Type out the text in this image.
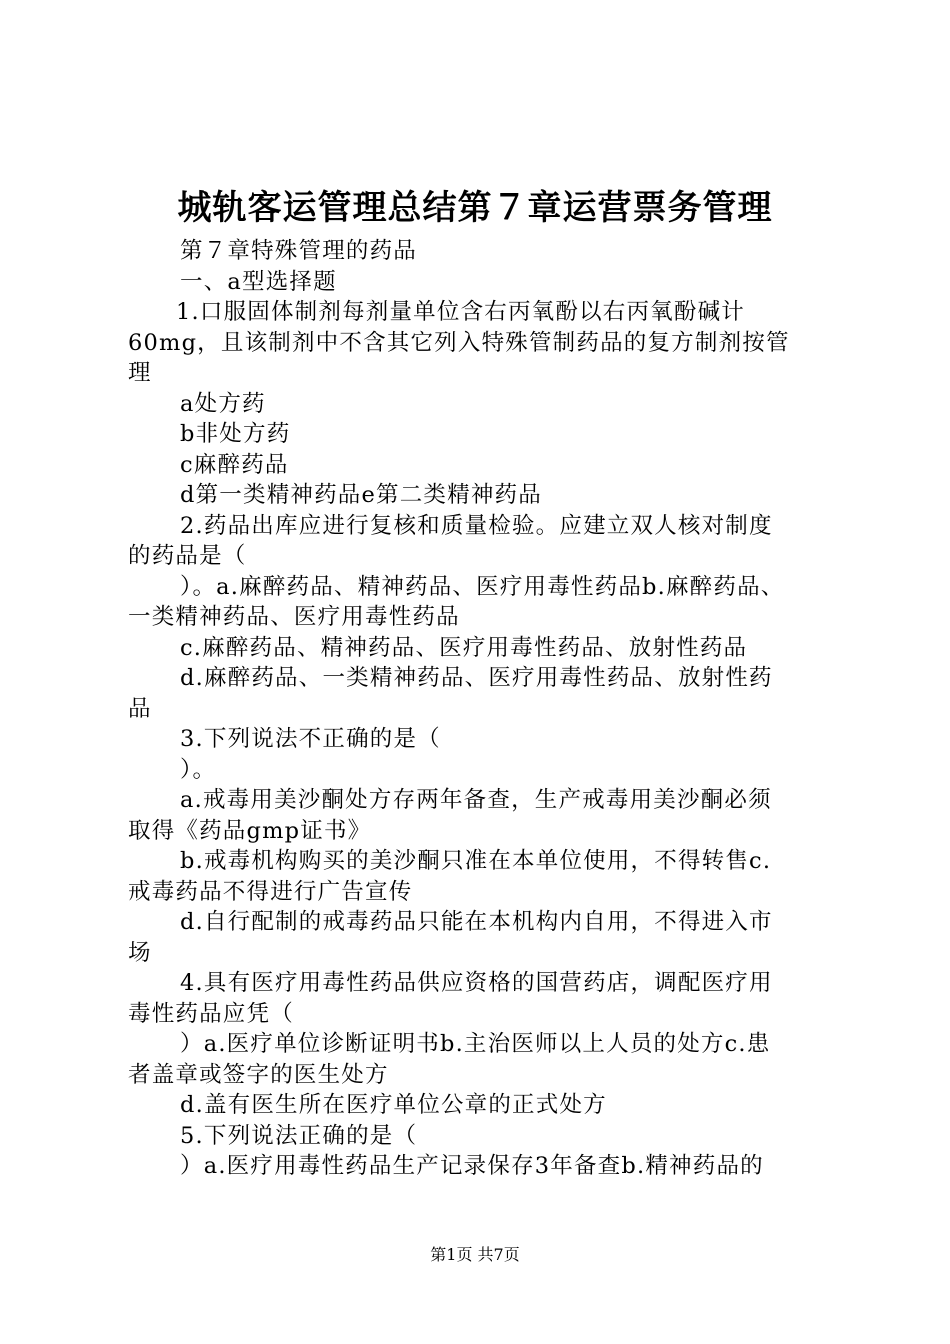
城轨客运管理总结第７章运营票务管理
第７章特殊管理的药品
一、a型选择题
1.口服固体制剂每剂量单位含右丙氧酚以右丙氧酚碱计
60mg，且该制剂中不含其它列入特殊管制药品的复方制剂按管
理
a处方药
b非处方药
c麻醉药品
d第一类精神药品e第二类精神药品
2.药品出库应进行复核和质量检验。应建立双人核对制度
的药品是（
）。a.麻醉药品、精神药品、医疗用毒性药品b.麻醉药品、
一类精神药品、医疗用毒性药品
c.麻醉药品、精神药品、医疗用毒性药品、放射性药品
d.麻醉药品、一类精神药品、医疗用毒性药品、放射性药
品
3.下列说法不正确的是（
）。
a.戒毒用美沙酮处方存两年备查，生产戒毒用美沙酮必须
取得《药品gmp证书》
b.戒毒机构购买的美沙酮只准在本单位使用，不得转售c.
戒毒药品不得进行广告宣传
d.自行配制的戒毒药品只能在本机构内自用，不得进入市
场
4.具有医疗用毒性药品供应资格的国营药店，调配医疗用
毒性药品应凭（
）a.医疗单位诊断证明书b.主治医师以上人员的处方c.患
者盖章或签字的医生处方
d.盖有医生所在医疗单位公章的正式处方
5.下列说法正确的是（
）a.医疗用毒性药品生产记录保存3年备查b.精神药品的
第1页 共7页
